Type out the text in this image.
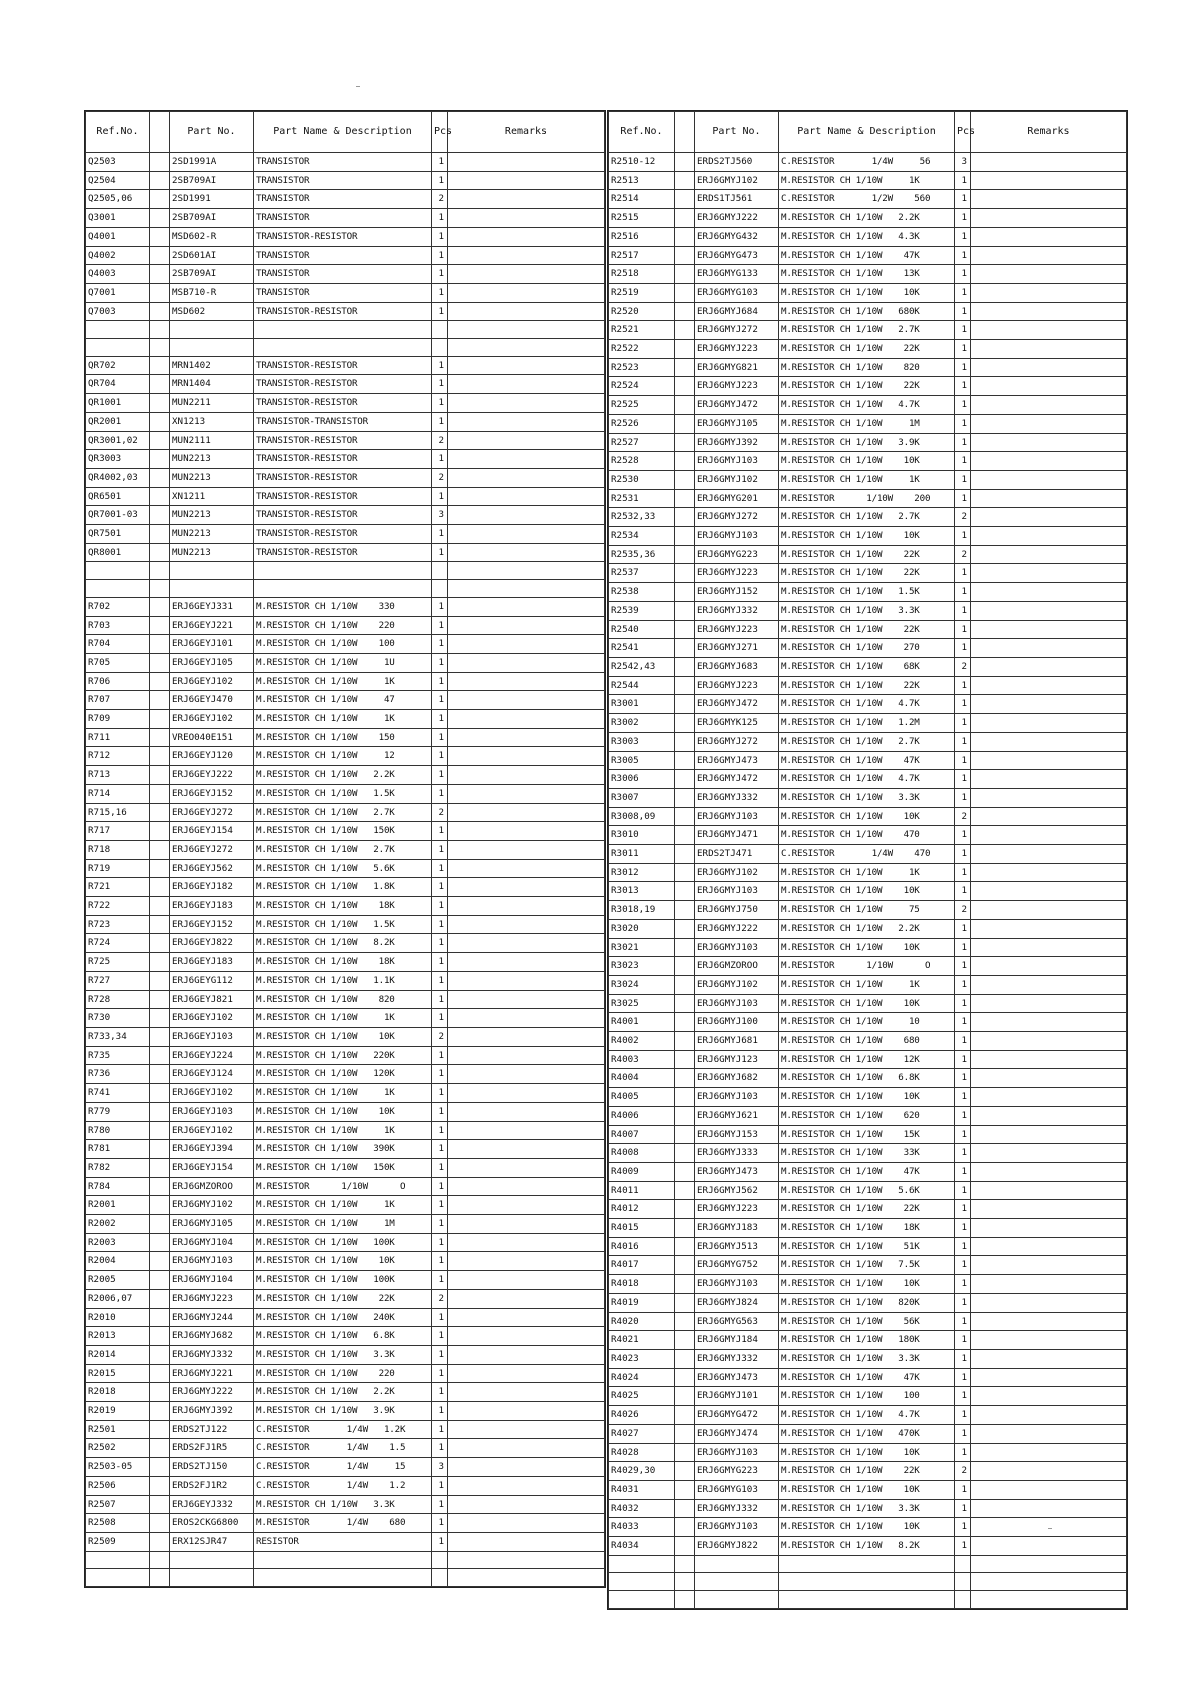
Ref.No.		Part No.	Part Name & Description	Pcs	Remarks
Q2503		2SD1991A	TRANSISTOR	1	
Q2504		2SB709AI	TRANSISTOR	1	
Q2505,06		2SD1991	TRANSISTOR	2	
Q3001		2SB709AI	TRANSISTOR	1	
Q4001		MSD602-R	TRANSISTOR-RESISTOR	1	
Q4002		2SD601AI	TRANSISTOR	1	
Q4003		2SB709AI	TRANSISTOR	1	
Q7001		MSB710-R	TRANSISTOR	1	
Q7003		MSD602	TRANSISTOR-RESISTOR	1	

QR702		MRN1402	TRANSISTOR-RESISTOR	1	
QR704		MRN1404	TRANSISTOR-RESISTOR	1	
QR1001		MUN2211	TRANSISTOR-RESISTOR	1	
QR2001		XN1213	TRANSISTOR-TRANSISTOR	1	
QR3001,02		MUN2111	TRANSISTOR-RESISTOR	2	
QR3003		MUN2213	TRANSISTOR-RESISTOR	1	
QR4002,03		MUN2213	TRANSISTOR-RESISTOR	2	
QR6501		XN1211	TRANSISTOR-RESISTOR	1	
QR7001-03		MUN2213	TRANSISTOR-RESISTOR	3	
QR7501		MUN2213	TRANSISTOR-RESISTOR	1	
QR8001		MUN2213	TRANSISTOR-RESISTOR	1	

R702		ERJ6GEYJ331	M.RESISTOR CH 1/10W    330	1	
R703		ERJ6GEYJ221	M.RESISTOR CH 1/10W    220	1	
R704		ERJ6GEYJ101	M.RESISTOR CH 1/10W    100	1	
R705		ERJ6GEYJ105	M.RESISTOR CH 1/10W     1U	1	
R706		ERJ6GEYJ102	M.RESISTOR CH 1/10W     1K	1	
R707		ERJ6GEYJ470	M.RESISTOR CH 1/10W     47	1	
R709		ERJ6GEYJ102	M.RESISTOR CH 1/10W     1K	1	
R711		VREO040E151	M.RESISTOR CH 1/10W    150	1	
R712		ERJ6GEYJ120	M.RESISTOR CH 1/10W     12	1	
R713		ERJ6GEYJ222	M.RESISTOR CH 1/10W   2.2K	1	
R714		ERJ6GEYJ152	M.RESISTOR CH 1/10W   1.5K	1	
R715,16		ERJ6GEYJ272	M.RESISTOR CH 1/10W   2.7K	2	
R717		ERJ6GEYJ154	M.RESISTOR CH 1/10W   150K	1	
R718		ERJ6GEYJ272	M.RESISTOR CH 1/10W   2.7K	1	
R719		ERJ6GEYJ562	M.RESISTOR CH 1/10W   5.6K	1	
R721		ERJ6GEYJ182	M.RESISTOR CH 1/10W   1.8K	1	
R722		ERJ6GEYJ183	M.RESISTOR CH 1/10W    18K	1	
R723		ERJ6GEYJ152	M.RESISTOR CH 1/10W   1.5K	1	
R724		ERJ6GEYJ822	M.RESISTOR CH 1/10W   8.2K	1	
R725		ERJ6GEYJ183	M.RESISTOR CH 1/10W    18K	1	
R727		ERJ6GEYG112	M.RESISTOR CH 1/10W   1.1K	1	
R728		ERJ6GEYJ821	M.RESISTOR CH 1/10W    820	1	
R730		ERJ6GEYJ102	M.RESISTOR CH 1/10W     1K	1	
R733,34		ERJ6GEYJ103	M.RESISTOR CH 1/10W    10K	2	
R735		ERJ6GEYJ224	M.RESISTOR CH 1/10W   220K	1	
R736		ERJ6GEYJ124	M.RESISTOR CH 1/10W   120K	1	
R741		ERJ6GEYJ102	M.RESISTOR CH 1/10W     1K	1	
R779		ERJ6GEYJ103	M.RESISTOR CH 1/10W    10K	1	
R780		ERJ6GEYJ102	M.RESISTOR CH 1/10W     1K	1	
R781		ERJ6GEYJ394	M.RESISTOR CH 1/10W   390K	1	
R782		ERJ6GEYJ154	M.RESISTOR CH 1/10W   150K	1	
R784		ERJ6GMZOROO	M.RESISTOR      1/10W      O	1	
R2001		ERJ6GMYJ102	M.RESISTOR CH 1/10W     1K	1	
R2002		ERJ6GMYJ105	M.RESISTOR CH 1/10W     1M	1	
R2003		ERJ6GMYJ104	M.RESISTOR CH 1/10W   100K	1	
R2004		ERJ6GMYJ103	M.RESISTOR CH 1/10W    10K	1	
R2005		ERJ6GMYJ104	M.RESISTOR CH 1/10W   100K	1	
R2006,07		ERJ6GMYJ223	M.RESISTOR CH 1/10W    22K	2	
R2010		ERJ6GMYJ244	M.RESISTOR CH 1/10W   240K	1	
R2013		ERJ6GMYJ682	M.RESISTOR CH 1/10W   6.8K	1	
R2014		ERJ6GMYJ332	M.RESISTOR CH 1/10W   3.3K	1	
R2015		ERJ6GMYJ221	M.RESISTOR CH 1/10W    220	1	
R2018		ERJ6GMYJ222	M.RESISTOR CH 1/10W   2.2K	1	
R2019		ERJ6GMYJ392	M.RESISTOR CH 1/10W   3.9K	1	
R2501		ERDS2TJ122	C.RESISTOR       1/4W   1.2K	1	
R2502		ERDS2FJ1R5	C.RESISTOR       1/4W    1.5	1	
R2503-05		ERDS2TJ150	C.RESISTOR       1/4W     15	3	
R2506		ERDS2FJ1R2	C.RESISTOR       1/4W    1.2	1	
R2507		ERJ6GEYJ332	M.RESISTOR CH 1/10W   3.3K	1	
R2508		EROS2CKG6800	M.RESISTOR       1/4W    680	1	
R2509		ERX12SJR47	RESISTOR	1	

Ref.No.		Part No.	Part Name & Description	Pcs	Remarks
R2510-12		ERDS2TJ560	C.RESISTOR       1/4W     56	3	
R2513		ERJ6GMYJ102	M.RESISTOR CH 1/10W     1K	1	
R2514		ERDS1TJ561	C.RESISTOR       1/2W    560	1	
R2515		ERJ6GMYJ222	M.RESISTOR CH 1/10W   2.2K	1	
R2516		ERJ6GMYG432	M.RESISTOR CH 1/10W   4.3K	1	
R2517		ERJ6GMYG473	M.RESISTOR CH 1/10W    47K	1	
R2518		ERJ6GMYG133	M.RESISTOR CH 1/10W    13K	1	
R2519		ERJ6GMYG103	M.RESISTOR CH 1/10W    10K	1	
R2520		ERJ6GMYJ684	M.RESISTOR CH 1/10W   680K	1	
R2521		ERJ6GMYJ272	M.RESISTOR CH 1/10W   2.7K	1	
R2522		ERJ6GMYJ223	M.RESISTOR CH 1/10W    22K	1	
R2523		ERJ6GMYG821	M.RESISTOR CH 1/10W    820	1	
R2524		ERJ6GMYJ223	M.RESISTOR CH 1/10W    22K	1	
R2525		ERJ6GMYJ472	M.RESISTOR CH 1/10W   4.7K	1	
R2526		ERJ6GMYJ105	M.RESISTOR CH 1/10W     1M	1	
R2527		ERJ6GMYJ392	M.RESISTOR CH 1/10W   3.9K	1	
R2528		ERJ6GMYJ103	M.RESISTOR CH 1/10W    10K	1	
R2530		ERJ6GMYJ102	M.RESISTOR CH 1/10W     1K	1	
R2531		ERJ6GMYG201	M.RESISTOR      1/10W    200	1	
R2532,33		ERJ6GMYJ272	M.RESISTOR CH 1/10W   2.7K	2	
R2534		ERJ6GMYJ103	M.RESISTOR CH 1/10W    10K	1	
R2535,36		ERJ6GMYG223	M.RESISTOR CH 1/10W    22K	2	
R2537		ERJ6GMYJ223	M.RESISTOR CH 1/10W    22K	1	
R2538		ERJ6GMYJ152	M.RESISTOR CH 1/10W   1.5K	1	
R2539		ERJ6GMYJ332	M.RESISTOR CH 1/10W   3.3K	1	
R2540		ERJ6GMYJ223	M.RESISTOR CH 1/10W    22K	1	
R2541		ERJ6GMYJ271	M.RESISTOR CH 1/10W    270	1	
R2542,43		ERJ6GMYJ683	M.RESISTOR CH 1/10W    68K	2	
R2544		ERJ6GMYJ223	M.RESISTOR CH 1/10W    22K	1	
R3001		ERJ6GMYJ472	M.RESISTOR CH 1/10W   4.7K	1	
R3002		ERJ6GMYK125	M.RESISTOR CH 1/10W   1.2M	1	
R3003		ERJ6GMYJ272	M.RESISTOR CH 1/10W   2.7K	1	
R3005		ERJ6GMYJ473	M.RESISTOR CH 1/10W    47K	1	
R3006		ERJ6GMYJ472	M.RESISTOR CH 1/10W   4.7K	1	
R3007		ERJ6GMYJ332	M.RESISTOR CH 1/10W   3.3K	1	
R3008,09		ERJ6GMYJ103	M.RESISTOR CH 1/10W    10K	2	
R3010		ERJ6GMYJ471	M.RESISTOR CH 1/10W    470	1	
R3011		ERDS2TJ471	C.RESISTOR       1/4W    470	1	
R3012		ERJ6GMYJ102	M.RESISTOR CH 1/10W     1K	1	
R3013		ERJ6GMYJ103	M.RESISTOR CH 1/10W    10K	1	
R3018,19		ERJ6GMYJ750	M.RESISTOR CH 1/10W     75	2	
R3020		ERJ6GMYJ222	M.RESISTOR CH 1/10W   2.2K	1	
R3021		ERJ6GMYJ103	M.RESISTOR CH 1/10W    10K	1	
R3023		ERJ6GMZOROO	M.RESISTOR      1/10W      O	1	
R3024		ERJ6GMYJ102	M.RESISTOR CH 1/10W     1K	1	
R3025		ERJ6GMYJ103	M.RESISTOR CH 1/10W    10K	1	
R4001		ERJ6GMYJ100	M.RESISTOR CH 1/10W     10	1	
R4002		ERJ6GMYJ681	M.RESISTOR CH 1/10W    680	1	
R4003		ERJ6GMYJ123	M.RESISTOR CH 1/10W    12K	1	
R4004		ERJ6GMYJ682	M.RESISTOR CH 1/10W   6.8K	1	
R4005		ERJ6GMYJ103	M.RESISTOR CH 1/10W    10K	1	
R4006		ERJ6GMYJ621	M.RESISTOR CH 1/10W    620	1	
R4007		ERJ6GMYJ153	M.RESISTOR CH 1/10W    15K	1	
R4008		ERJ6GMYJ333	M.RESISTOR CH 1/10W    33K	1	
R4009		ERJ6GMYJ473	M.RESISTOR CH 1/10W    47K	1	
R4011		ERJ6GMYJ562	M.RESISTOR CH 1/10W   5.6K	1	
R4012		ERJ6GMYJ223	M.RESISTOR CH 1/10W    22K	1	
R4015		ERJ6GMYJ183	M.RESISTOR CH 1/10W    18K	1	
R4016		ERJ6GMYJ513	M.RESISTOR CH 1/10W    51K	1	
R4017		ERJ6GMYG752	M.RESISTOR CH 1/10W   7.5K	1	
R4018		ERJ6GMYJ103	M.RESISTOR CH 1/10W    10K	1	
R4019		ERJ6GMYJ824	M.RESISTOR CH 1/10W   820K	1	
R4020		ERJ6GMYG563	M.RESISTOR CH 1/10W    56K	1	
R4021		ERJ6GMYJ184	M.RESISTOR CH 1/10W   180K	1	
R4023		ERJ6GMYJ332	M.RESISTOR CH 1/10W   3.3K	1	
R4024		ERJ6GMYJ473	M.RESISTOR CH 1/10W    47K	1	
R4025		ERJ6GMYJ101	M.RESISTOR CH 1/10W    100	1	
R4026		ERJ6GMYG472	M.RESISTOR CH 1/10W   4.7K	1	
R4027		ERJ6GMYJ474	M.RESISTOR CH 1/10W   470K	1	
R4028		ERJ6GMYJ103	M.RESISTOR CH 1/10W    10K	1	
R4029,30		ERJ6GMYG223	M.RESISTOR CH 1/10W    22K	2	
R4031		ERJ6GMYG103	M.RESISTOR CH 1/10W    10K	1	
R4032		ERJ6GMYJ332	M.RESISTOR CH 1/10W   3.3K	1	
R4033		ERJ6GMYJ103	M.RESISTOR CH 1/10W    10K	1	
R4034		ERJ6GMYJ822	M.RESISTOR CH 1/10W   8.2K	1	
